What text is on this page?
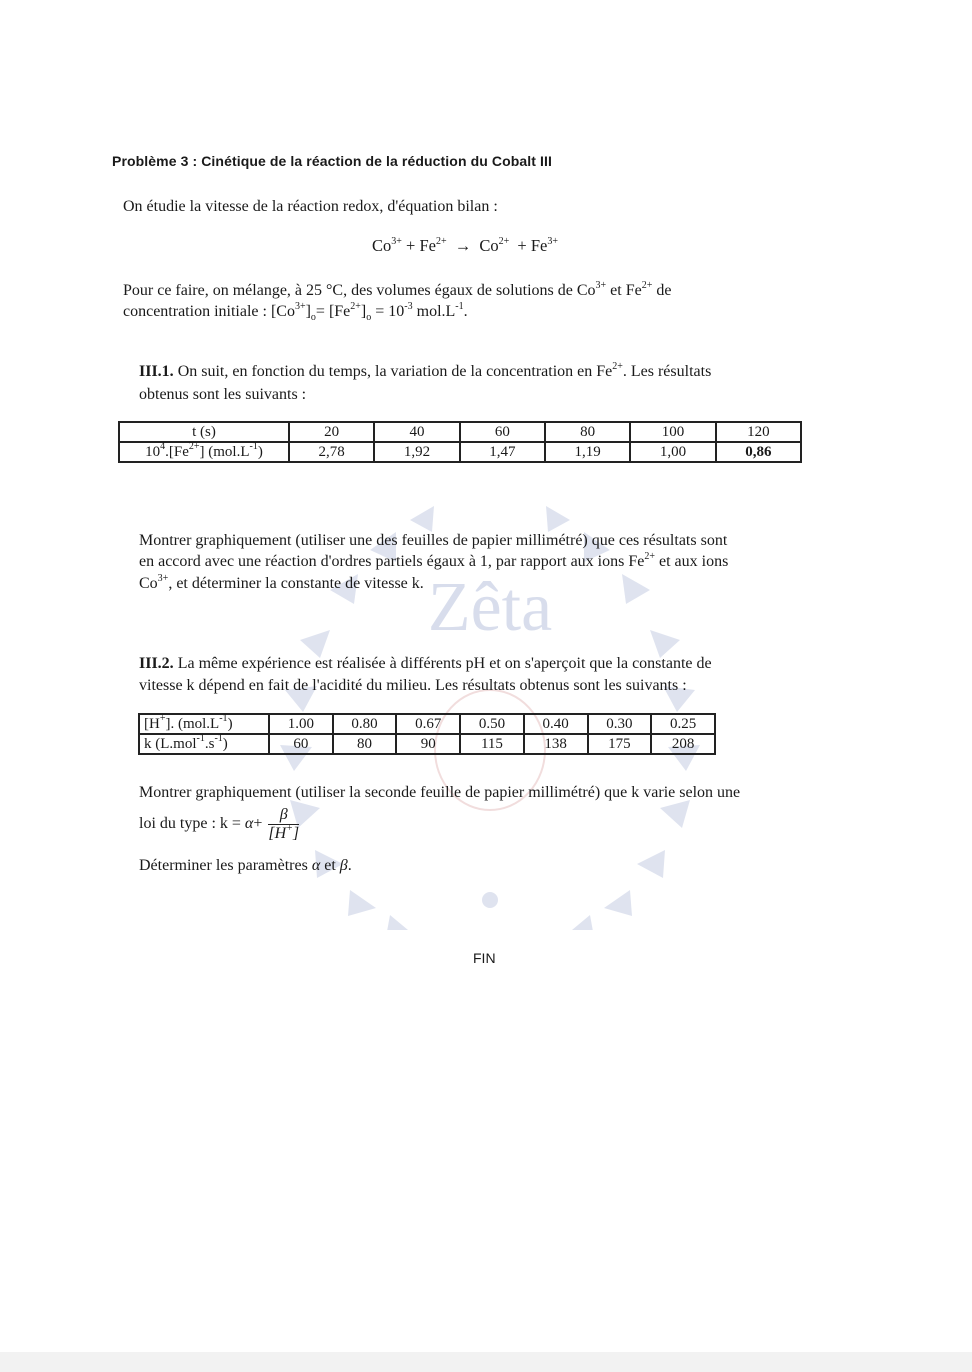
Zêta
Problème 3 : Cinétique de la réaction de la réduction du Cobalt III
On étudie la vitesse de la réaction redox, d'équation bilan :
$Co^{3+} + Fe^{2+} \to Co^{2+} + Fe^{3+}$
Pour ce faire, on mélange, à 25 °C, des volumes égaux de solutions de $Co^{3+}$ et $Fe^{2+}$ de
concentration initiale : $[Co^{3+}]_o= [Fe^{2+}]_o = 10^{-3}$ $mol.L^{-1}$.
III.1. On suit, en fonction du temps, la variation de la concentration en $Fe^{2+}$. Les résultats
obtenus sont les suivants :
t (s)	20	40	60	80	100	120
$10^4.[Fe^{2+}]$ $(mol.L^{-1})$	2,78	1,92	1,47	1,19	1,00	0,86
Montrer graphiquement (utiliser une des feuilles de papier millimétré) que ces résultats sont
en accord avec une réaction d'ordres partiels égaux à 1, par rapport aux ions $Fe^{2+}$ et aux ions
$Co^{3+}$, et déterminer la constante de vitesse k.
III.2. La même expérience est réalisée à différents pH et on s'aperçoit que la constante de
vitesse k dépend en fait de l'acidité du milieu. Les résultats obtenus sont les suivants :
[H+]. $(mol.L^{-1})$	1.00	0.80	0.67	0.50	0.40	0.30	0.25
k $(L.mol^{-1}.s^{-1})$	60	80	90	115	138	175	208
Montrer graphiquement (utiliser la seconde feuille de papier millimétré) que k varie selon une
loi du type : $k = \alpha+ \frac{\beta}{[H^+]}$
Déterminer les paramètres α et β.
FIN
